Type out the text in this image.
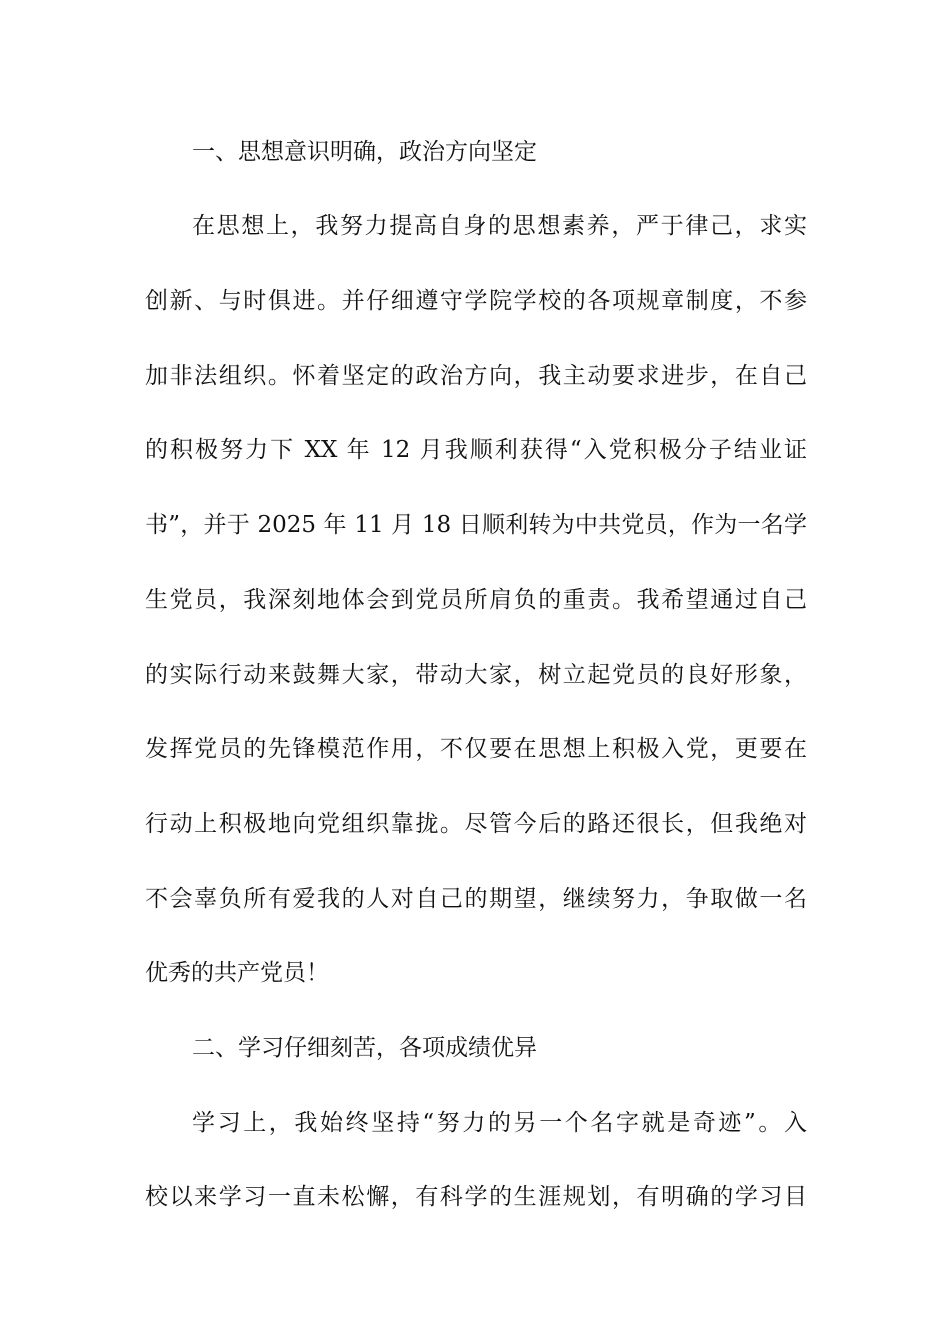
一、思想意识明确，政治方向坚定
在思想上，我努力提高自身的思想素养，严于律己，求实
创新、与时俱进。并仔细遵守学院学校的各项规章制度，不参
加非法组织。怀着坚定的政治方向，我主动要求进步，在自己
的积极努力下 XX 年 12 月我顺利获得“入党积极分子结业证
书”，并于 2025 年 11 月 18 日顺利转为中共党员，作为一名学
生党员，我深刻地体会到党员所肩负的重责。我希望通过自己
的实际行动来鼓舞大家，带动大家，树立起党员的良好形象，
发挥党员的先锋模范作用，不仅要在思想上积极入党，更要在
行动上积极地向党组织靠拢。尽管今后的路还很长，但我绝对
不会辜负所有爱我的人对自己的期望，继续努力，争取做一名
优秀的共产党员！
二、学习仔细刻苦，各项成绩优异
学习上，我始终坚持“努力的另一个名字就是奇迹”。入
校以来学习一直未松懈，有科学的生涯规划，有明确的学习目
